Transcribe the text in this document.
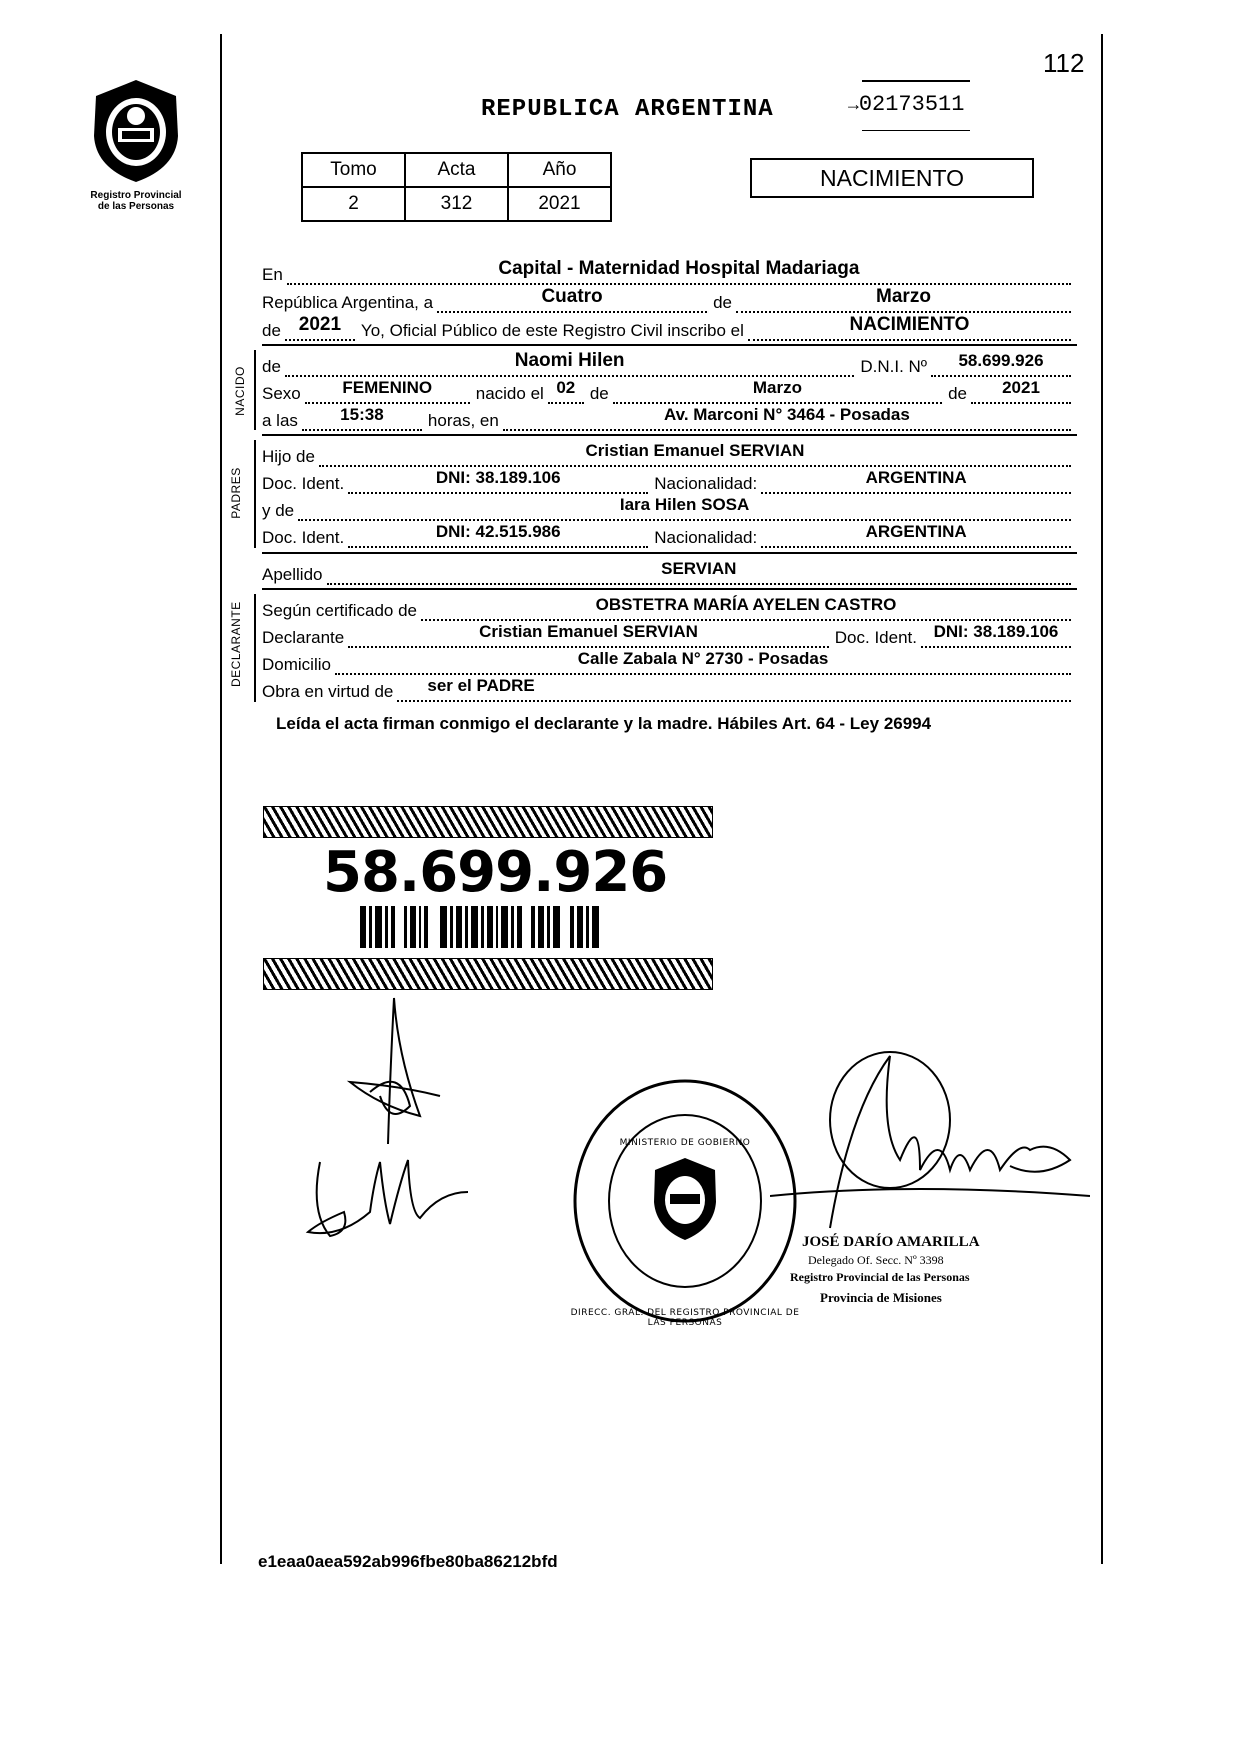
112
Registro Provincial
de las Personas
REPUBLICA ARGENTINA	→02173511
Tomo	Acta	Año
2	312	2021
NACIMIENTO
En	Capital - Maternidad Hospital Madariaga
República Argentina, a	Cuatro	de	Marzo
de 2021	Yo, Oficial Público de este Registro Civil inscribo el	NACIMIENTO
NACIDO de	Naomi Hilen	D.N.I. Nº	58.699.926
Sexo	FEMENINO	nacido el 02 de	Marzo	de	2021
a las	15:38	horas, en	Av. Marconi N° 3464 - Posadas
PADRES
Hijo de	Cristian Emanuel SERVIAN
Doc. Ident.	DNI: 38.189.106	Nacionalidad:	ARGENTINA
y de	Iara Hilen SOSA
Doc. Ident.	DNI: 42.515.986	Nacionalidad:	ARGENTINA
Apellido	SERVIAN
DECLARANTE Según certificado de	OBSTETRA MARÍA AYELEN CASTRO
Declarante	Cristian Emanuel SERVIAN	Doc. Ident. DNI: 38.189.106
Domicilio	Calle Zabala N° 2730 - Posadas
Obra en virtud de	ser el PADRE
Leída el acta firman conmigo el declarante y la madre. Hábiles Art. 64 - Ley 26994
58.699.926
DIRECC. GRAL. DEL REGISTRO PROVINCIAL DE LAS PERSONAS
MINISTERIO DE GOBIERNO
JOSÉ DARÍO AMARILLA
Delegado Of. Secc. Nº 3398
Registro Provincial de las Personas
Provincia de Misiones
e1eaa0aea592ab996fbe80ba86212bfd
